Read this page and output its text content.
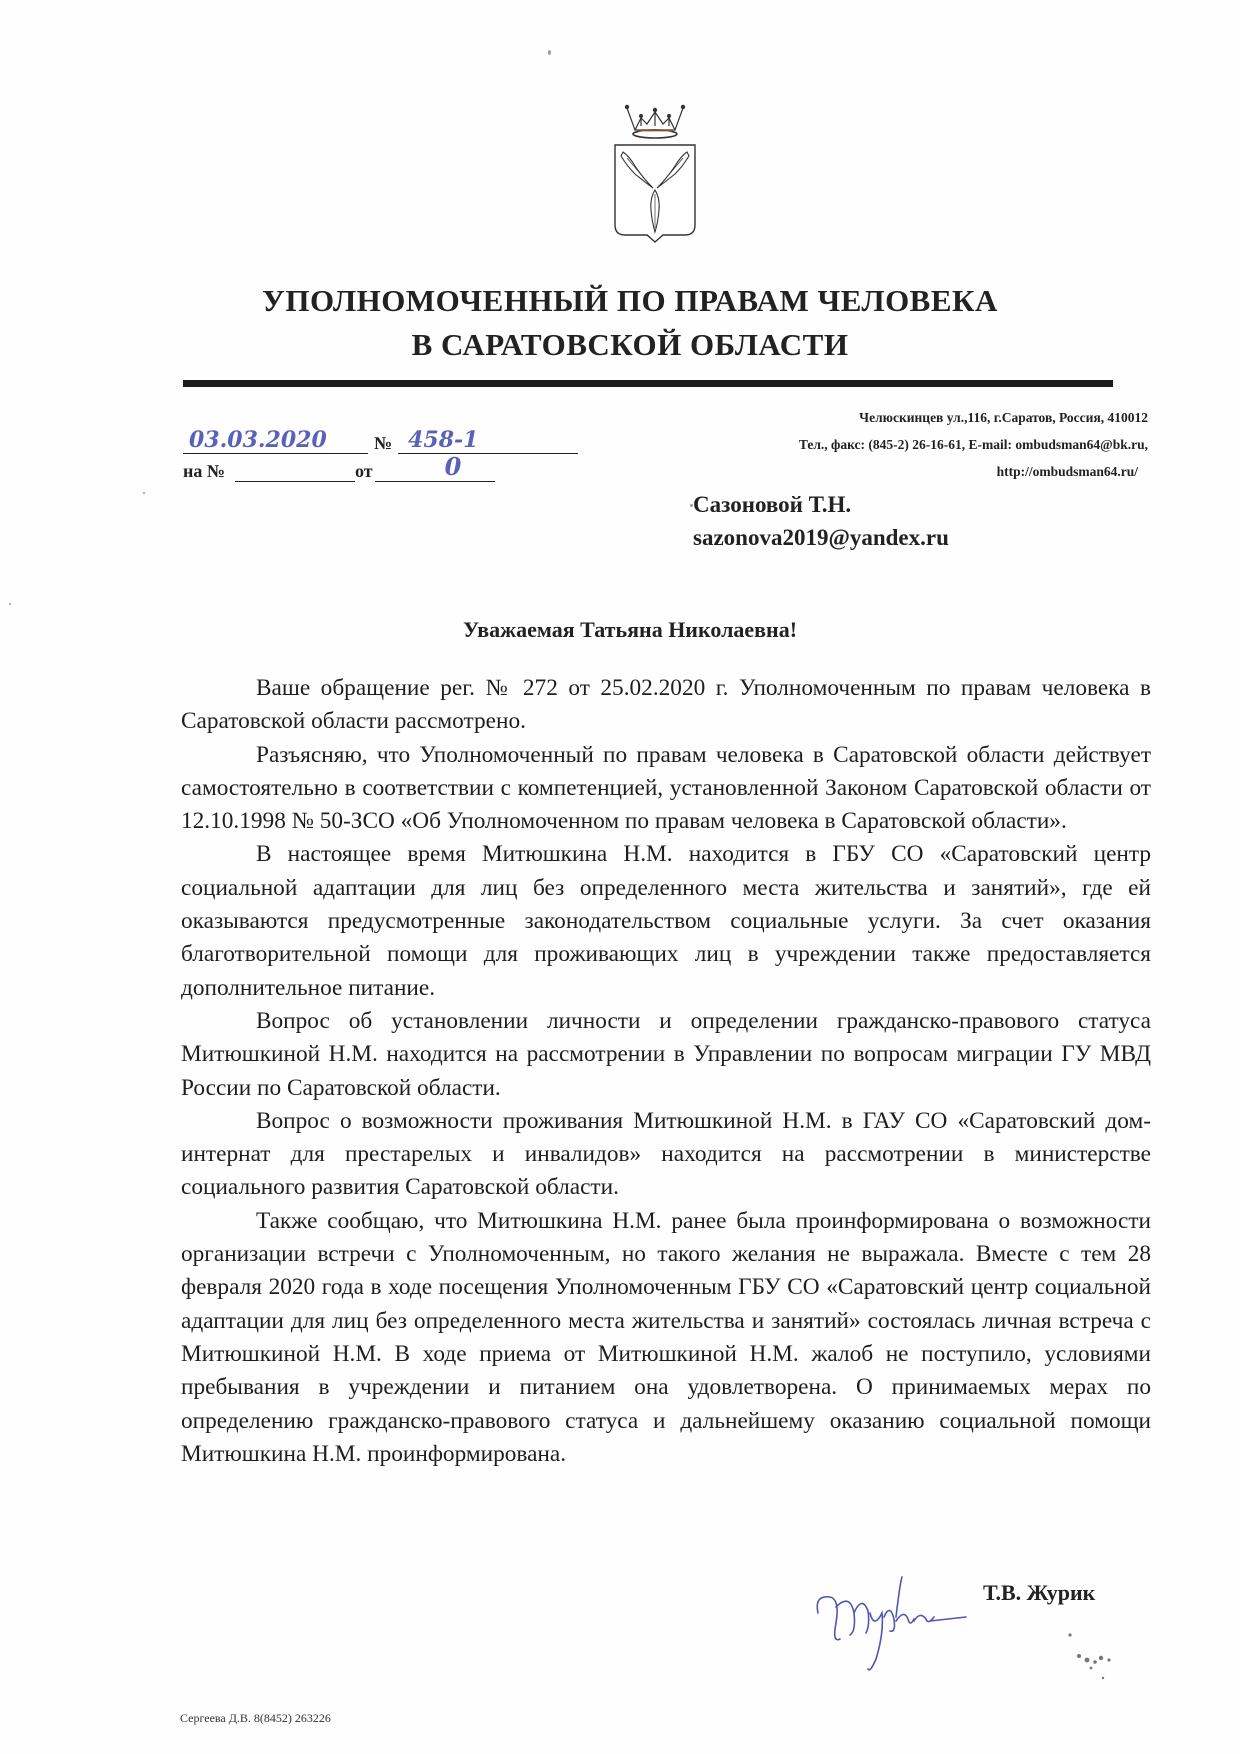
УПОЛНОМОЧЕННЫЙ ПО ПРАВАМ ЧЕЛОВЕКА
В САРАТОВСКОЙ ОБЛАСТИ
03.03.2020	№ 458-1
на №	от	0
Челюскинцев ул.,116, г.Саратов, Россия, 410012
Тел., факс: (845-2) 26-16-61, E-mail: ombudsman64@bk.ru,
http://ombudsman64.ru/
Сазоновой Т.Н.
sazonova2019@yandex.ru
Уважаемая Татьяна Николаевна!

Ваше обращение рег. № 272 от 25.02.2020 г. Уполномоченным по правам человека в Саратовской области рассмотрено.

Разъясняю, что Уполномоченный по правам человека в Саратовской области действует самостоятельно в соответствии с компетенцией, установленной Законом Саратовской области от 12.10.1998 № 50-ЗСО «Об Уполномоченном по правам человека в Саратовской области».

В настоящее время Митюшкина Н.М. находится в ГБУ СО «Саратовский центр социальной адаптации для лиц без определенного места жительства и занятий», где ей оказываются предусмотренные законодательством социальные услуги. За счет оказания благотворительной помощи для проживающих лиц в учреждении также предоставляется дополнительное питание.

Вопрос об установлении личности и определении гражданско-правового статуса Митюшкиной Н.М. находится на рассмотрении в Управлении по вопросам миграции ГУ МВД России по Саратовской области.

Вопрос о возможности проживания Митюшкиной Н.М. в ГАУ СО «Саратовский дом-интернат для престарелых и инвалидов» находится на рассмотрении в министерстве социального развития Саратовской области.

Также сообщаю, что Митюшкина Н.М. ранее была проинформирована о возможности организации встречи с Уполномоченным, но такого желания не выражала. Вместе с тем 28 февраля 2020 года в ходе посещения Уполномоченным ГБУ СО «Саратовский центр социальной адаптации для лиц без определенного места жительства и занятий» состоялась личная встреча с Митюшкиной Н.М. В ходе приема от Митюшкиной Н.М. жалоб не поступило, условиями пребывания в учреждении и питанием она удовлетворена. О принимаемых мерах по определению гражданско-правового статуса и дальнейшему оказанию социальной помощи Митюшкина Н.М. проинформирована.

Т.В. Журик
Сергеева Д.В. 8(8452) 263226
